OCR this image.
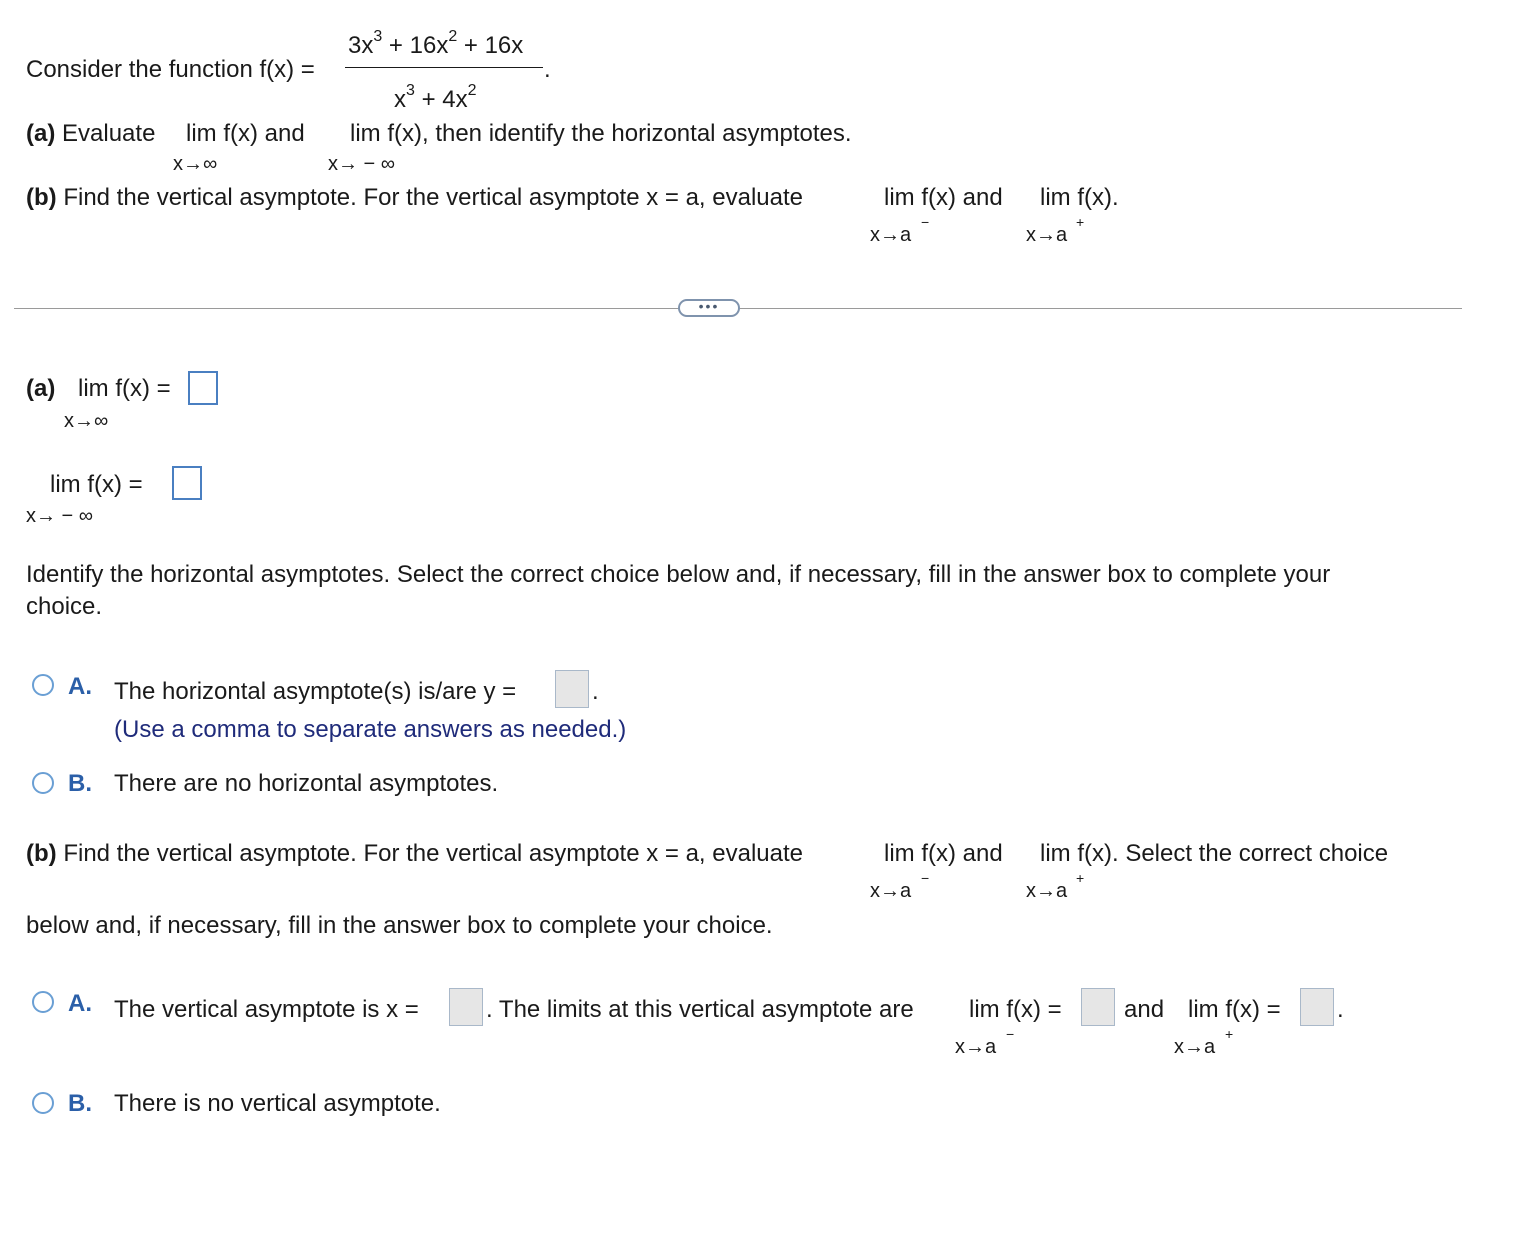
Consider the function f(x) =
$3x^3 + 16x^2 + 16x$
$x^3 + 4x^2$
.
(a) Evaluate lim f(x) and
x→∞
lim f(x), then identify the horizontal asymptotes.
x→ − ∞
(b) Find the vertical asymptote. For the vertical asymptote x = a, evaluate	lim f(x) and
x→a
−
lim f(x).
x→a
+
•••
(a) lim f(x) =
x→∞
lim f(x) =
x→ − ∞
Identify the horizontal asymptotes. Select the correct choice below and, if necessary, fill in the answer box to complete your
choice.
A. The horizontal asymptote(s) is/are y =	.
(Use a comma to separate answers as needed.)
B. There are no horizontal asymptotes.
(b) Find the vertical asymptote. For the vertical asymptote x = a, evaluate	lim f(x) and
x→a
−
lim f(x). Select the correct choice
x→a
+
below and, if necessary, fill in the answer box to complete your choice.
A. The vertical asymptote is x =	. The limits at this vertical asymptote are lim f(x) =
x→a
−
and lim f(x) =
x→a
+
.
B. There is no vertical asymptote.
